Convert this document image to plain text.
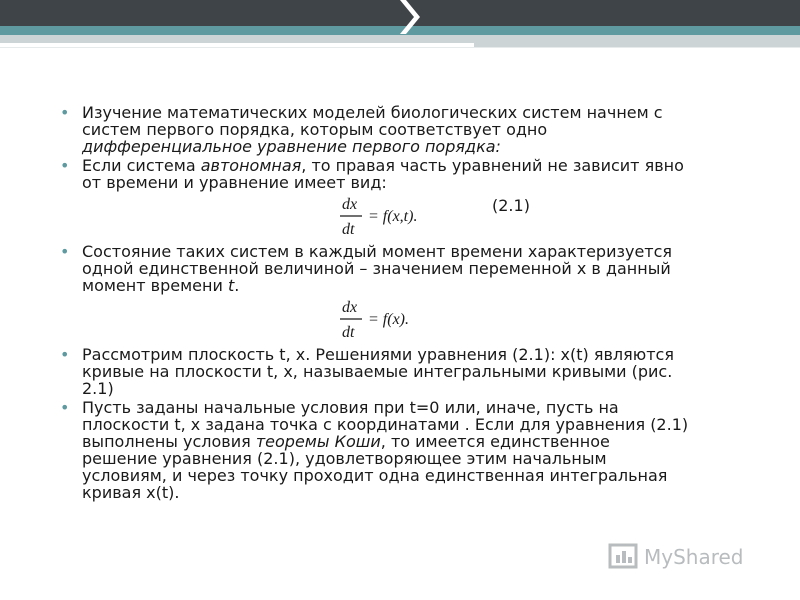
• Изучение математических моделей биологических систем начнем с
систем первого порядка, которым соответствует одно
дифференциальное уравнение первого порядка:
• Если система автономная, то правая часть уравнений не зависит явно
от времени и уравнение имеет вид:
dx
dt
= f(x,t).
(2.1)
• Состояние таких систем в каждый момент времени характеризуется
одной единственной величиной – значением переменной x в данный
момент времени t.
dx
dt
= f(x).
• Рассмотрим плоскость t, x. Решениями уравнения (2.1): x(t) являются
кривые на плоскости t, x, называемые интегральными кривыми (рис.
2.1)
• Пусть заданы начальные условия при t=0 или, иначе, пусть на
плоскости t, x задана точка с координатами . Если для уравнения (2.1)
выполнены условия теоремы Коши, то имеется единственное
решение уравнения (2.1), удовлетворяющее этим начальным
условиям, и через точку проходит одна единственная интегральная
кривая x(t).
MyShared
